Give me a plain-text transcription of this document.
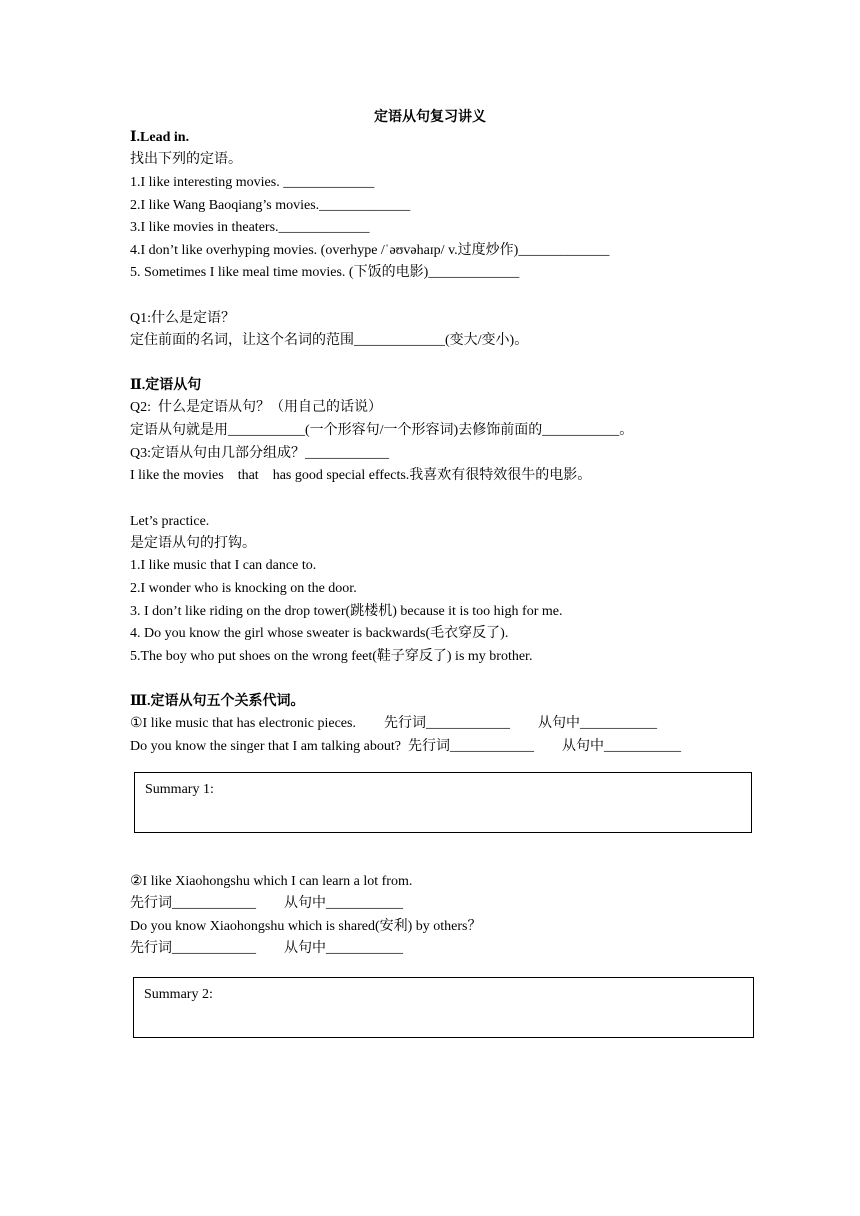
定语从句复习讲义
Ⅰ.Lead in.
找出下列的定语。
1.I like interesting movies. _____________
2.I like Wang Baoqiang’s movies._____________
3.I like movies in theaters._____________
4.I don’t like overhyping movies. (overhype /ˈəʊvəhaɪp/ v.过度炒作)_____________
5. Sometimes I like meal time movies. (下饭的电影)_____________
Q1:什么是定语？
定住前面的名词，让这个名词的范围_____________(变大/变小)。
Ⅱ.定语从句
Q2:  什么是定语从句？（用自己的话说）
定语从句就是用___________(一个形容句/一个形容词)去修饰前面的___________。
Q3:定语从句由几部分组成？____________
I like the movies    that    has good special effects.我喜欢有很特效很牛的电影。
Let’s practice.
是定语从句的打钩。
1.I like music that I can dance to.
2.I wonder who is knocking on the door.
3. I don’t like riding on the drop tower(跳楼机) because it is too high for me.
4. Do you know the girl whose sweater is backwards(毛衣穿反了).
5.The boy who put shoes on the wrong feet(鞋子穿反了) is my brother.
Ⅲ.定语从句五个关系代词。
①I like music that has electronic pieces.        先行词____________        从句中___________
Do you know the singer that I am talking about?  先行词____________        从句中___________
Summary 1:
②I like Xiaohongshu which I can learn a lot from.
先行词____________        从句中___________
Do you know Xiaohongshu which is shared(安利) by others？
先行词____________        从句中___________
Summary 2:
